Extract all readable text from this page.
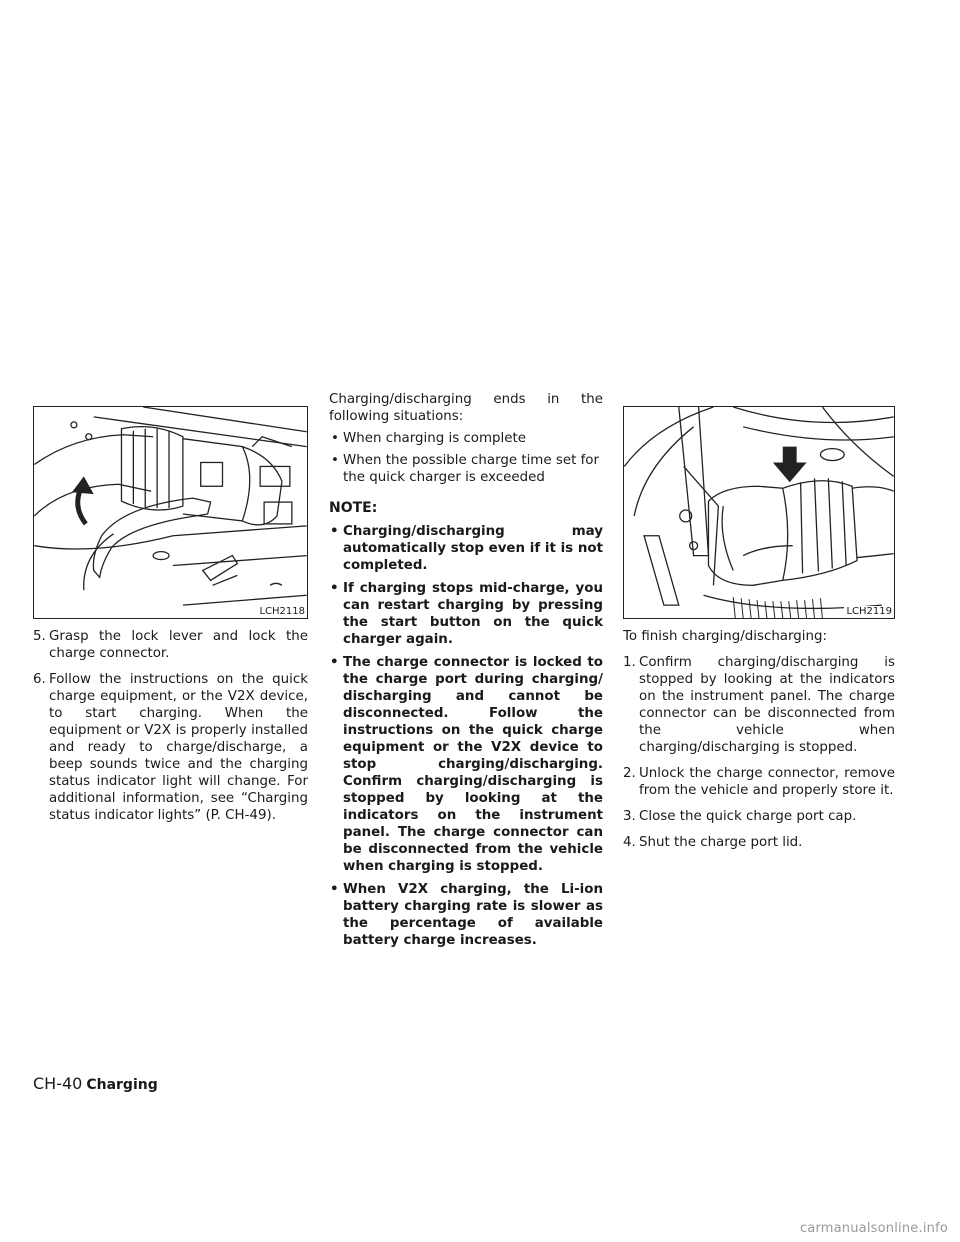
LCH2118
5. Grasp the lock lever and lock the charge connector.
6. Follow the instructions on the quick charge equipment, or the V2X device, to start charging. When the equipment or V2X is properly installed and ready to charge/discharge, a beep sounds twice and the charging status indicator light will change. For additional information, see “Charging status indicator lights” (P. CH-49).

Charging/discharging ends in the following situations:

• When charging is complete
• When the possible charge time set for the quick charger is exceeded
NOTE:
• Charging/discharging may automatically stop even if it is not completed.
• If charging stops mid-charge, you can restart charging by pressing the start button on the quick charger again.
• The charge connector is locked to the charge port during charging/ discharging and cannot be disconnected. Follow the instructions on the quick charge equipment or the V2X device to stop charging/discharging. Confirm charging/discharging is stopped by looking at the indicators on the instrument panel. The charge connector can be disconnected from the vehicle when charging is stopped.
• When V2X charging, the Li-ion battery charging rate is slower as the percentage of available battery charge increases.
LCH2119

To finish charging/discharging:

1. Confirm charging/discharging is stopped by looking at the indicators on the instrument panel. The charge connector can be disconnected from the vehicle when charging/discharging is stopped.
2. Unlock the charge connector, remove from the vehicle and properly store it.
3. Close the quick charge port cap.
4. Shut the charge port lid.
CH-40 Charging
carmanualsonline.info
